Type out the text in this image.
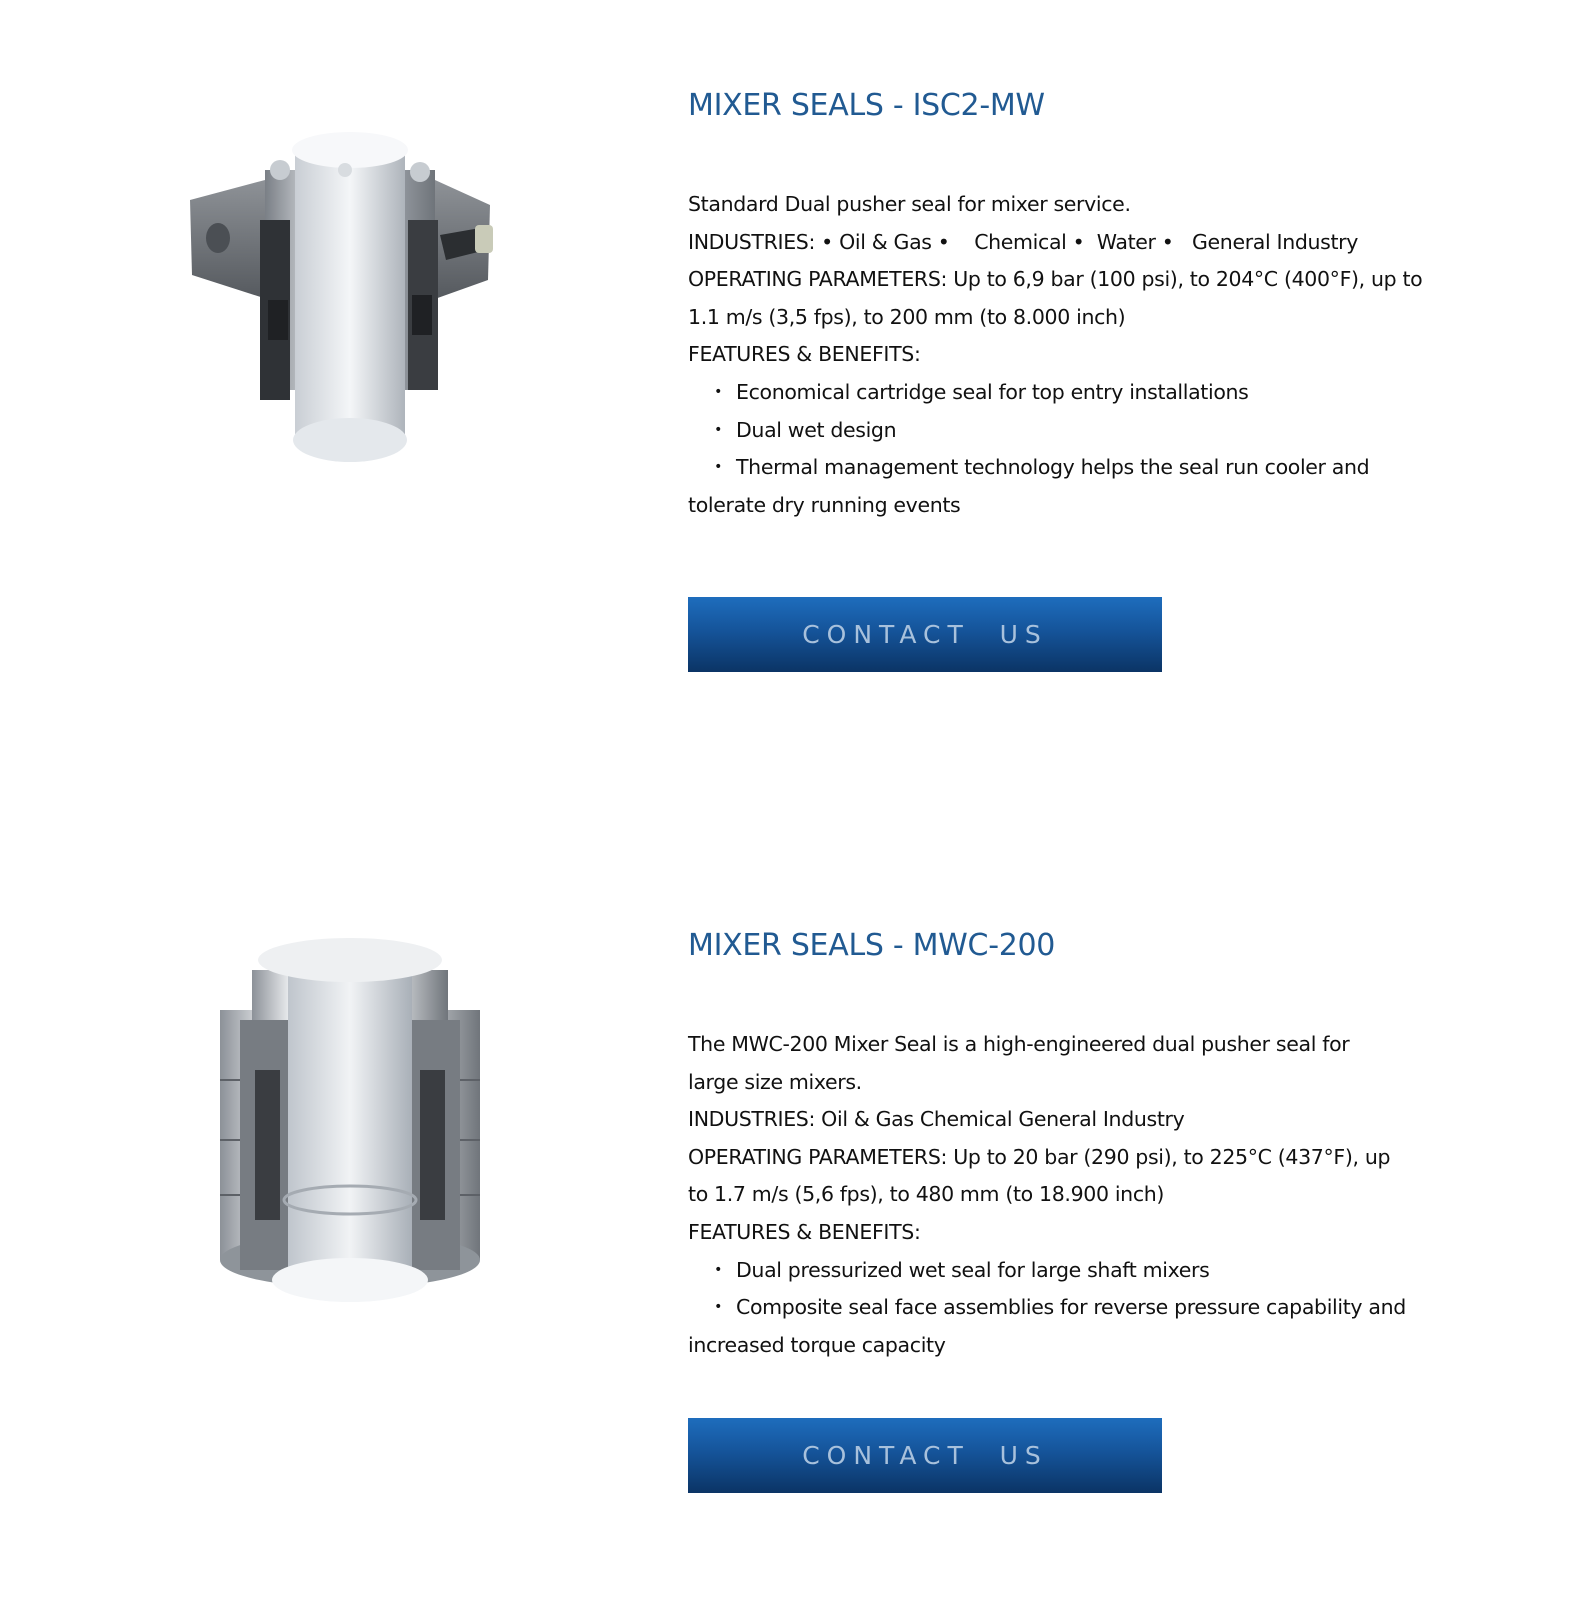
MIXER SEALS - ISC2-MW

Standard Dual pusher seal for mixer service.

INDUSTRIES: • Oil & Gas •    Chemical •  Water •   General Industry

OPERATING PARAMETERS: Up to 6,9 bar (100 psi), to 204°C (400°F), up to 1.1 m/s (3,5 fps), to 200 mm (to 8.000 inch)

FEATURES & BENEFITS:

•Economical cartridge seal for top entry installations
•Dual wet design
•Thermal management technology helps the seal run cooler and tolerate dry running events
CONTACT  US
MIXER SEALS - MWC-200

The MWC-200 Mixer Seal is a high-engineered dual pusher seal for large size mixers.

INDUSTRIES: Oil & Gas Chemical General Industry

OPERATING PARAMETERS: Up to 20 bar (290 psi), to 225°C (437°F), up to 1.7 m/s (5,6 fps), to 480 mm (to 18.900 inch)

FEATURES & BENEFITS:

•Dual pressurized wet seal for large shaft mixers
•Composite seal face assemblies for reverse pressure capability and increased torque capacity
CONTACT  US
